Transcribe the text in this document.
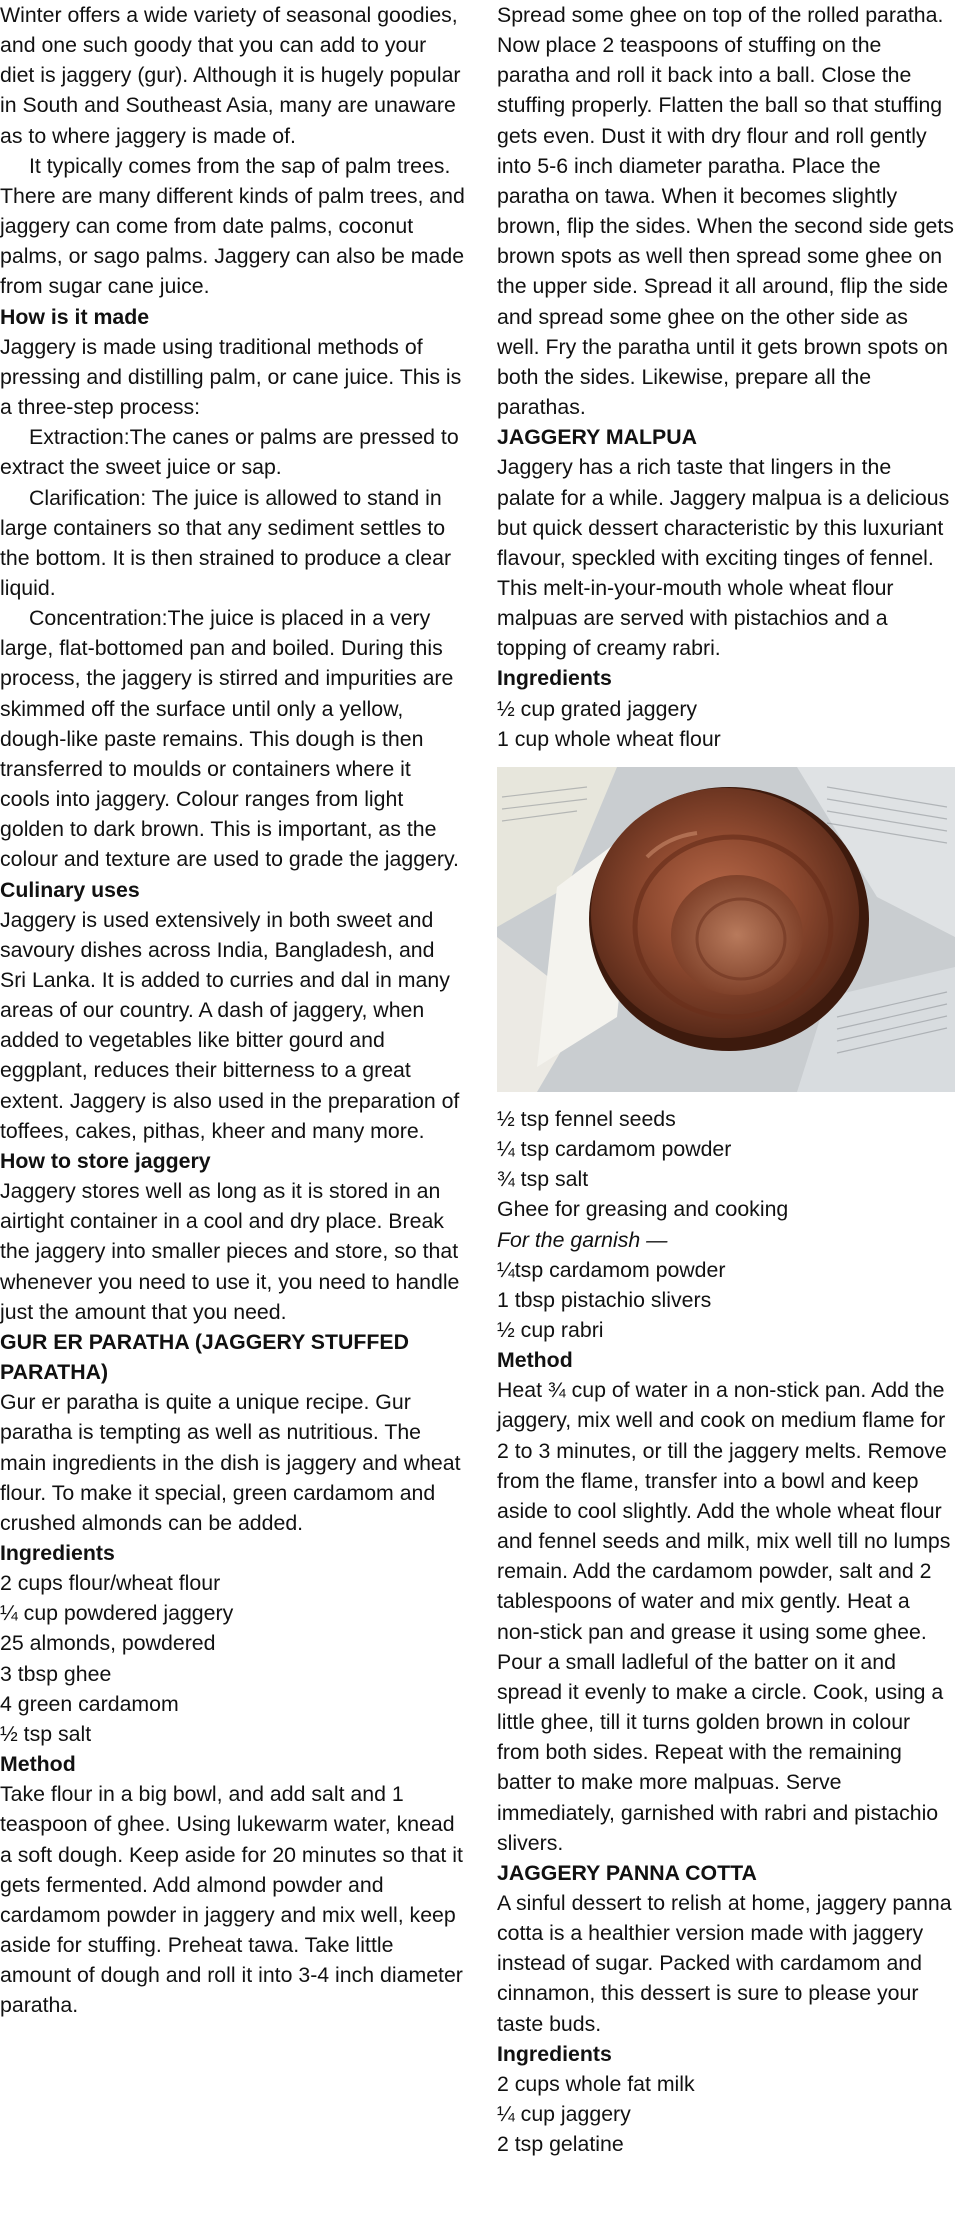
Winter offers a wide variety of seasonal goodies, and one such goody that you can add to your diet is jaggery (gur). Although it is hugely popular in South and Southeast Asia, many are unaware as to where jaggery is made of.

It typically comes from the sap of palm trees. There are many different kinds of palm trees, and jaggery can come from date palms, coconut palms, or sago palms. Jaggery can also be made from sugar cane juice.

How is it made

Jaggery is made using traditional methods of pressing and distilling palm, or cane juice. This is a three-step process:

Extraction:The canes or palms are pressed to extract the sweet juice or sap.

Clarification: The juice is allowed to stand in large containers so that any sediment settles to the bottom. It is then strained to produce a clear liquid.

Concentration:The juice is placed in a very large, flat-bottomed pan and boiled. During this process, the jaggery is stirred and impurities are skimmed off the surface until only a yellow, dough-like paste remains. This dough is then transferred to moulds or containers where it cools into jaggery. Colour ranges from light golden to dark brown. This is important, as the colour and texture are used to grade the jaggery.

Culinary uses

Jaggery is used extensively in both sweet and savoury dishes across India, Bangladesh, and Sri Lanka. It is added to curries and dal in many areas of our country. A dash of jaggery, when added to vegetables like bitter gourd and eggplant, reduces their bitterness to a great extent. Jaggery is also used in the preparation of toffees, cakes, pithas, kheer and many more.

How to store jaggery

Jaggery stores well as long as it is stored in an airtight container in a cool and dry place. Break the jaggery into smaller pieces and store, so that whenever you need to use it, you need to handle just the amount that you need.

GUR ER PARATHA (JAGGERY STUFFED PARATHA)

Gur er paratha is quite a unique recipe. Gur paratha is tempting as well as nutritious. The main ingredients in the dish is jaggery and wheat flour. To make it special, green cardamom and crushed almonds can be added.

Ingredients

2 cups flour/wheat flour

¼ cup powdered jaggery

25 almonds, powdered

3 tbsp ghee

4 green cardamom

½ tsp salt

Method

Take flour in a big bowl, and add salt and 1 teaspoon of ghee. Using lukewarm water, knead a soft dough. Keep aside for 20 minutes so that it gets fermented. Add almond powder and cardamom powder in jaggery and mix well, keep aside for stuffing. Preheat tawa. Take little amount of dough and roll it into 3-4 inch diameter paratha.

Spread some ghee on top of the rolled paratha. Now place 2 teaspoons of stuffing on the paratha and roll it back into a ball. Close the stuffing properly. Flatten the ball so that stuffing gets even. Dust it with dry flour and roll gently into 5-6 inch diameter paratha. Place the paratha on tawa. When it becomes slightly brown, flip the sides. When the second side gets brown spots as well then spread some ghee on the upper side. Spread it all around, flip the side and spread some ghee on the other side as well. Fry the paratha until it gets brown spots on both the sides. Likewise, prepare all the parathas.

JAGGERY MALPUA

Jaggery has a rich taste that lingers in the palate for a while. Jaggery malpua is a delicious but quick dessert characteristic by this luxuriant flavour, speckled with exciting tinges of fennel. This melt-in-your-mouth whole wheat flour malpuas are served with pistachios and a topping of creamy rabri.

Ingredients

½ cup grated jaggery

1 cup whole wheat flour

½ tsp fennel seeds

¼ tsp cardamom powder

¾ tsp salt

Ghee for greasing and cooking

For the garnish —

¼tsp cardamom powder

1 tbsp pistachio slivers

½ cup rabri

Method

Heat ¾ cup of water in a non-stick pan. Add the jaggery, mix well and cook on medium flame for 2 to 3 minutes, or till the jaggery melts. Remove from the flame, transfer into a bowl and keep aside to cool slightly. Add the whole wheat flour and fennel seeds and milk, mix well till no lumps remain. Add the cardamom powder, salt and 2 tablespoons of water and mix gently. Heat a non-stick pan and grease it using some ghee. Pour a small ladleful of the batter on it and spread it evenly to make a circle. Cook, using a little ghee, till it turns golden brown in colour from both sides. Repeat with the remaining batter to make more malpuas. Serve immediately, garnished with rabri and pistachio slivers.

JAGGERY PANNA COTTA

A sinful dessert to relish at home, jaggery panna cotta is a healthier version made with jaggery instead of sugar. Packed with cardamom and cinnamon, this dessert is sure to please your taste buds.

Ingredients

2 cups whole fat milk

¼ cup jaggery

2 tsp gelatine
